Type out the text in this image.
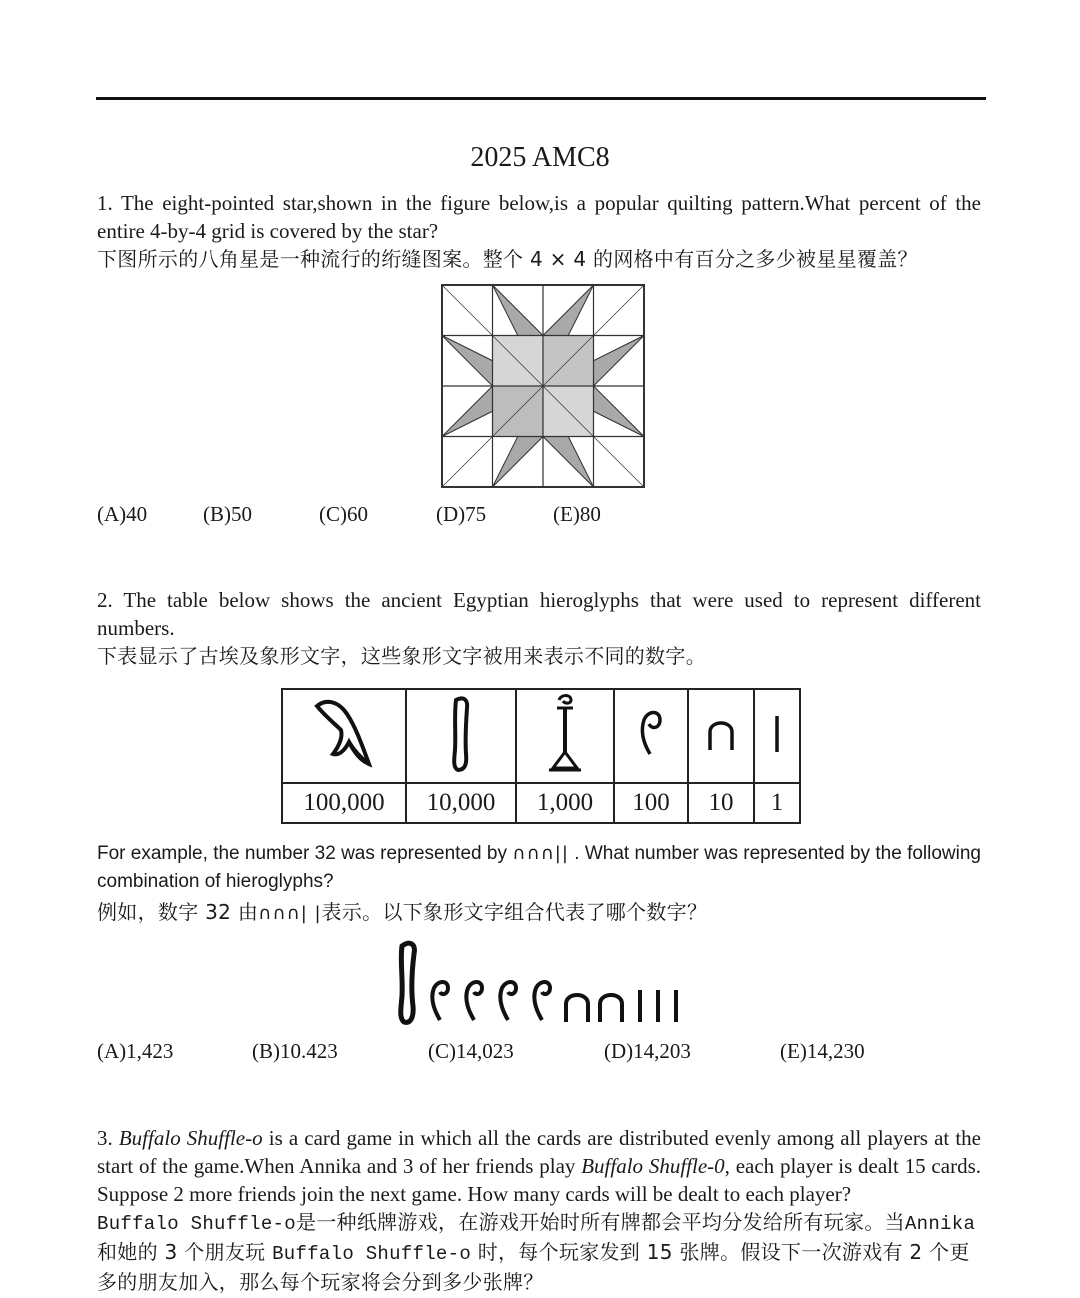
2025 AMC8
1. The eight-pointed star,shown in the figure below,is a popular quilting pattern.What percent of the entire 4-by-4 grid is covered by the star?
下图所示的八角星是一种流行的绗缝图案。整个 4 × 4 的网格中有百分之多少被星星覆盖？
(A)40	(B)50	(C)60	(D)75	(E)80
2. The table below shows the ancient Egyptian hieroglyphs that were used to represent different numbers.
下表显示了古埃及象形文字，这些象形文字被用来表示不同的数字。

100,000	10,000	1,000	100	10	1
For example, the number 32 was represented by ∩∩∩|| . What number was represented by the following combination of hieroglyphs?
例如，数字 32 由∩∩∩| |表示。以下象形文字组合代表了哪个数字？
(A)1,423	(B)10.423	(C)14,023	(D)14,203	(E)14,230
3. Buffalo Shuffle-o is a card game in which all the cards are distributed evenly among all players at the start of the game.When Annika and 3 of her friends play Buffalo Shuffle-0, each player is dealt 15 cards. Suppose 2 more friends join the next game. How many cards will be dealt to each player?
Buffalo Shuffle-o是一种纸牌游戏，在游戏开始时所有牌都会平均分发给所有玩家。当Annika和她的 3 个朋友玩 Buffalo Shuffle-o 时，每个玩家发到 15 张牌。假设下一次游戏有 2 个更多的朋友加入，那么每个玩家将会分到多少张牌？
